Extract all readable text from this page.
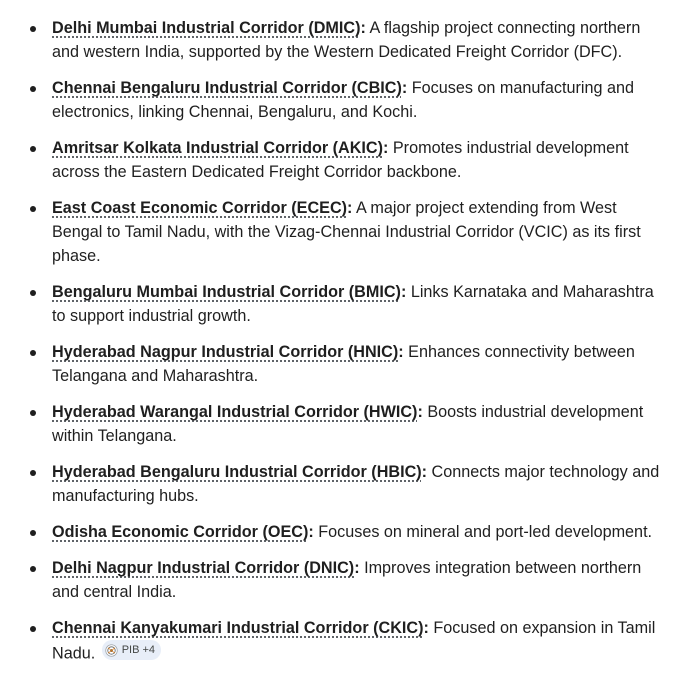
Delhi Mumbai Industrial Corridor (DMIC): A flagship project connecting northern and western India, supported by the Western Dedicated Freight Corridor (DFC).
Chennai Bengaluru Industrial Corridor (CBIC): Focuses on manufacturing and electronics, linking Chennai, Bengaluru, and Kochi.
Amritsar Kolkata Industrial Corridor (AKIC): Promotes industrial development across the Eastern Dedicated Freight Corridor backbone.
East Coast Economic Corridor (ECEC): A major project extending from West Bengal to Tamil Nadu, with the Vizag-Chennai Industrial Corridor (VCIC) as its first phase.
Bengaluru Mumbai Industrial Corridor (BMIC): Links Karnataka and Maharashtra to support industrial growth.
Hyderabad Nagpur Industrial Corridor (HNIC): Enhances connectivity between Telangana and Maharashtra.
Hyderabad Warangal Industrial Corridor (HWIC): Boosts industrial development within Telangana.
Hyderabad Bengaluru Industrial Corridor (HBIC): Connects major technology and manufacturing hubs.
Odisha Economic Corridor (OEC): Focuses on mineral and port-led development.
Delhi Nagpur Industrial Corridor (DNIC): Improves integration between northern and central India.
Chennai Kanyakumari Industrial Corridor (CKIC): Focused on expansion in Tamil Nadu. PIB +4
